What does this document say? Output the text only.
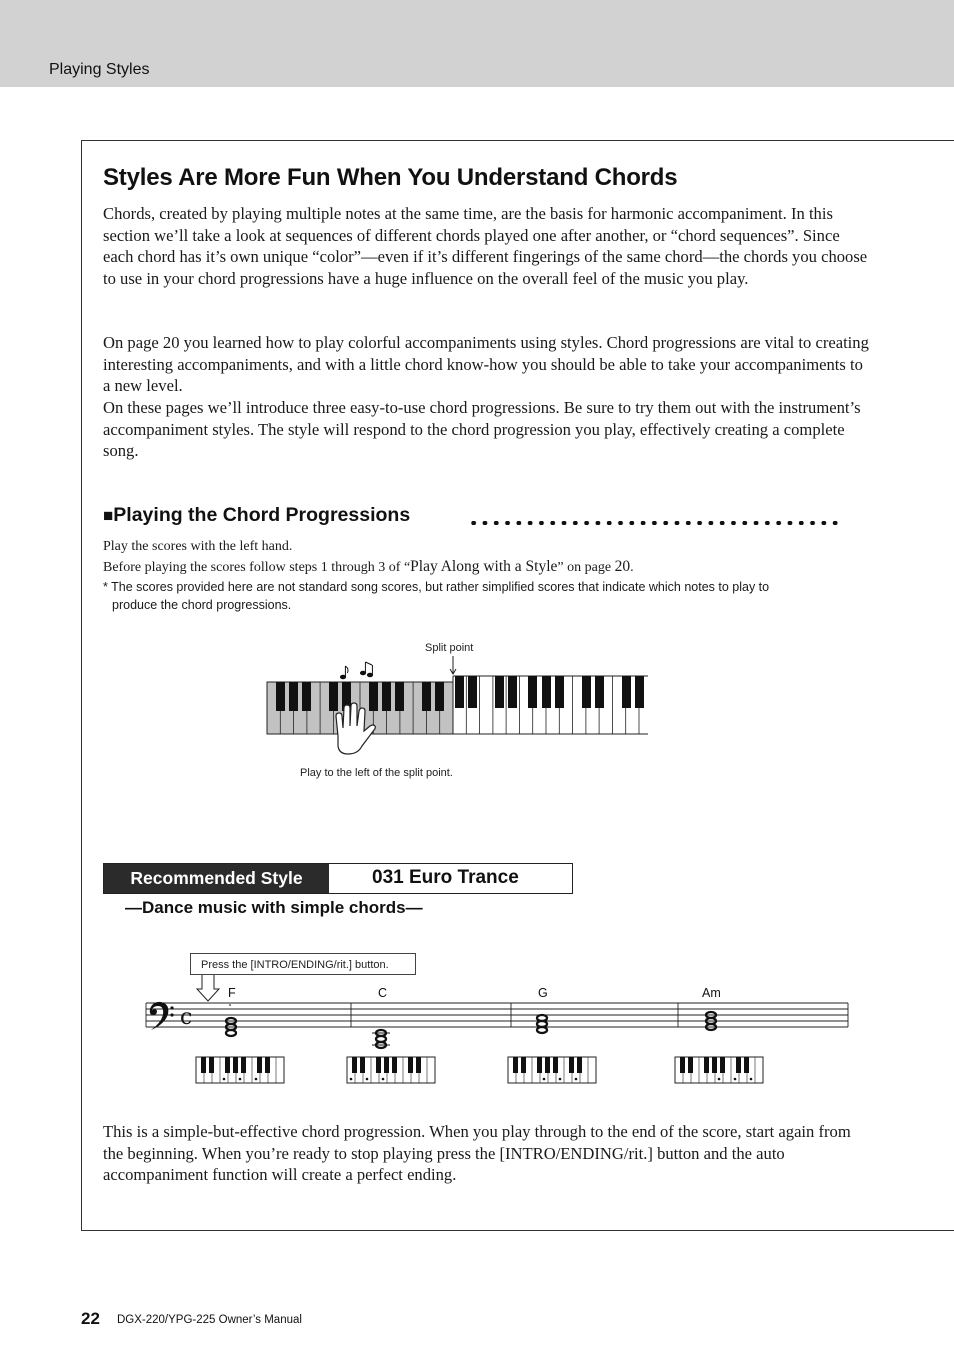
Playing Styles
Styles Are More Fun When You Understand Chords

Chords, created by playing multiple notes at the same time, are the basis for harmonic accompaniment. In this section we’ll take a look at sequences of different chords played one after another, or “chord sequences”. Since each chord has it’s own unique “color”—even if it’s different fingerings of the same chord—the chords you choose to use in your chord progressions have a huge influence on the overall feel of the music you play.

On page 20 you learned how to play colorful accompaniments using styles. Chord progressions are vital to creating interesting accompaniments, and with a little chord know-how you should be able to take your accompaniments to a new level.

On these pages we’ll introduce three easy-to-use chord progressions. Be sure to try them out with the instrument’s accompaniment styles. The style will respond to the chord progression you play, effectively creating a complete song.

■Playing the Chord Progressions
Play the scores with the left hand.
Before playing the scores follow steps 1 through 3 of “Play Along with a Style” on page 20.
* The scores provided here are not standard song scores, but rather simplified scores that indicate which notes to play to
produce the chord progressions.
Split point
Play to the left of the split point.
Recommended Style	031 Euro Trance
—Dance music with simple chords—
Press the [INTRO/ENDING/rit.] button.
c
F	C	G	Am

This is a simple-but-effective chord progression. When you play through to the end of the score, start again from the beginning. When you’re ready to stop playing press the [INTRO/ENDING/rit.] button and the auto accompaniment function will create a perfect ending.

22 DGX-220/YPG-225 Owner’s Manual
